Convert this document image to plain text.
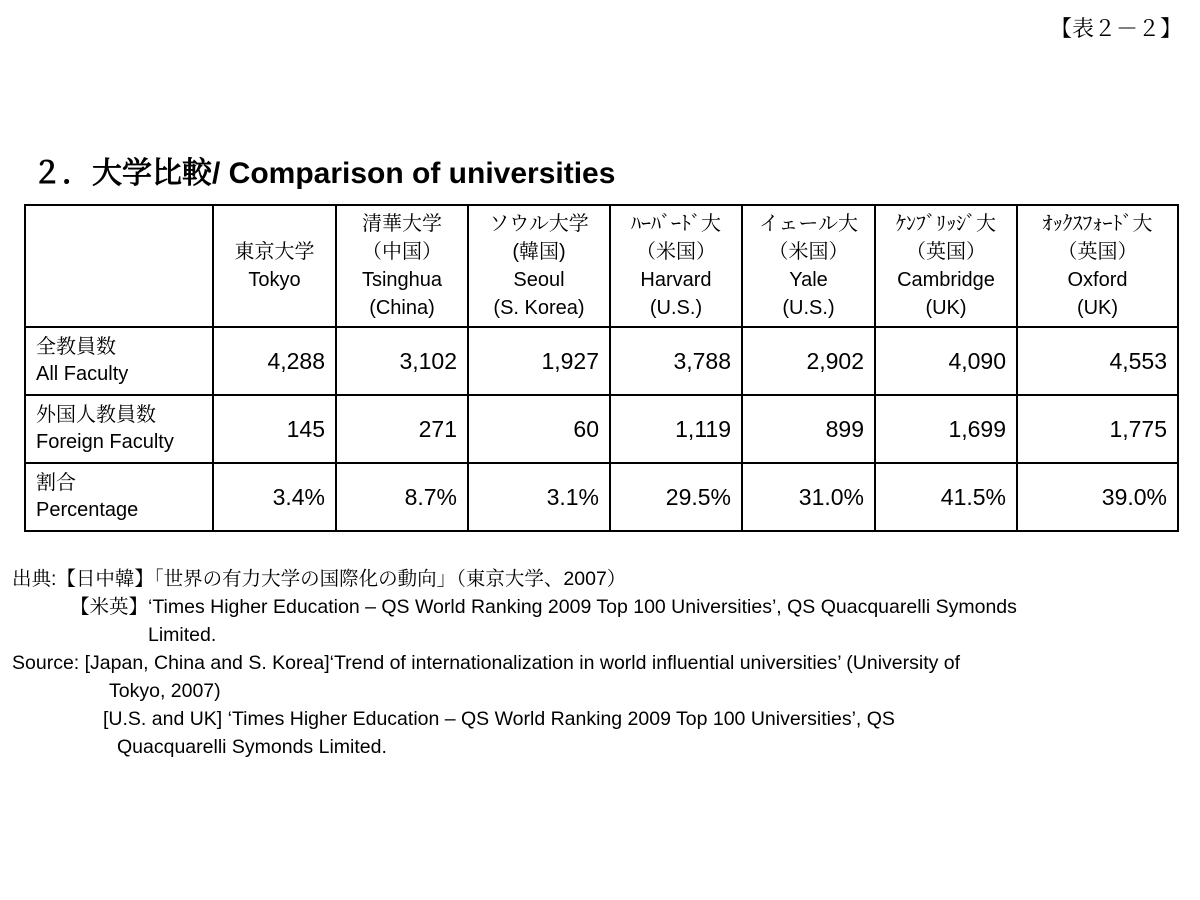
【表２－２】
２．大学比較/ Comparison of universities

	東京大学
Tokyo	清華大学
（中国）
Tsinghua
(China)	ソウル大学
(韓国)
Seoul
(S. Korea)	ﾊｰﾊﾞｰﾄﾞ大
（米国）
Harvard
(U.S.)	イェール大
（米国）
Yale
(U.S.)	ｹﾝﾌﾞﾘｯｼﾞ大
（英国）
Cambridge
(UK)	ｵｯｸｽﾌｫｰﾄﾞ大
（英国）
Oxford
(UK)

全教員数
All Faculty	4,288	3,102	1,927	3,788	2,902	4,090	4,553

外国人教員数
Foreign Faculty	145	271	60	1,119	899	1,699	1,775

割合
Percentage	3.4%	8.7%	3.1%	29.5%	31.0%	41.5%	39.0%
出典:【日中韓】｢世界の有力大学の国際化の動向｣（東京大学、2007）
【米英】‘Times Higher Education – QS World Ranking 2009 Top 100 Universities’, QS Quacquarelli Symonds
Limited.
Source: [Japan, China and S. Korea]‘Trend of internationalization in world influential universities’ (University of
Tokyo, 2007)
[U.S. and UK] ‘Times Higher Education – QS World Ranking 2009 Top 100 Universities’, QS
Quacquarelli Symonds Limited.
